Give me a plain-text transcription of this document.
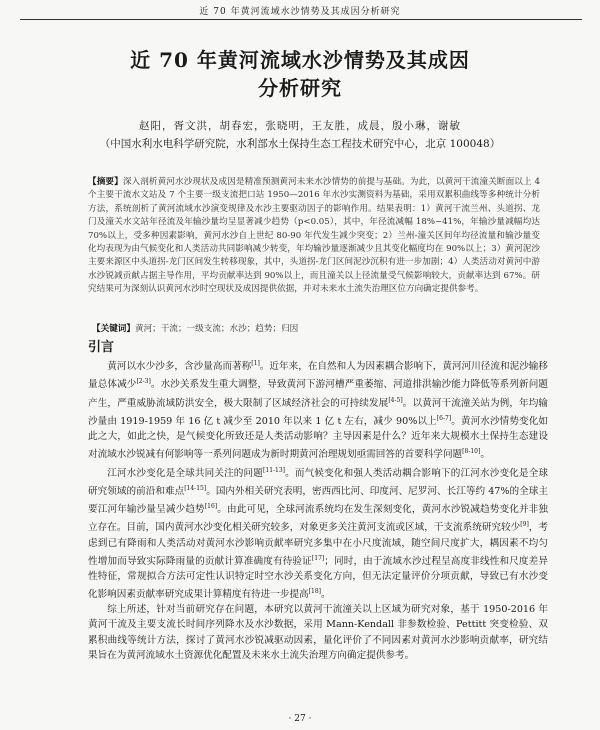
近 70 年黄河流域水沙情势及其成因分析研究
近 70 年黄河流域水沙情势及其成因
分析研究
赵阳，胥文洪，胡春宏，张晓明，王友胜，成晨，殷小琳，谢敏
（中国水利水电科学研究院，水利部水土保持生态工程技术研究中心，北京 100048）
【摘要】深入剖析黄河水沙现状及成因是精准预测黄河未来水沙情势的前提与基础。为此，以黄河干流潼关断面以上 4 个主要干流水文站及 7 个主要一级支流把口站 1950—2016 年水沙实测资料为基础，采用双累积曲线等多种统计分析方法，系统剖析了黄河流域水沙演变规律及水沙主要驱动因子的影响作用。结果表明：1）黄河干流兰州、头道拐、龙门及潼关水文站年径流及年输沙量均呈显著减少趋势（p<0.05），其中，年径流减幅 18%~41%，年输沙量减幅均达 70%以上，受多种因素影响，黄河水沙自上世纪 80-90 年代发生减少突变；2）兰州-潼关区间年均径流量和输沙量变化均表现为由气候变化和人类活动共同影响减少转变，年均输沙量逐渐减少且其变化幅度均在 90%以上；3）黄河泥沙主要来源区中头道拐-龙门区间发生转移现象，其中，头道拐-龙门区间泥沙沉积有进一步加剧；4）人类活动对黄河中游水沙锐减贡献占据主导作用，平均贡献率达到 90%以上，而且潼关以上径流量受气候影响较大，贡献率达到 67%。研究结果可为深刻认识黄河水沙时空现状及成因提供依据，并对未来水土流失治理区位方向确定提供参考。
【关键词】黄河；干流；一级支流；水沙；趋势；归因
引言

黄河以水少沙多，含沙量高而著称[1]。近年来，在自然和人为因素耦合影响下，黄河河川径流和泥沙输移量总体减少[2-3]。水沙关系发生重大调整，导致黄河下游河槽严重萎缩、河道排洪输沙能力降低等系列新问题产生，严重威胁流域防洪安全，极大限制了区域经济社会的可持续发展[4-5]。以黄河干流潼关站为例，年均输沙量由 1919-1959 年 16 亿 t 减少至 2010 年以来 1 亿 t 左右，减少 90%以上[6-7]。黄河水沙情势变化如此之大，如此之快，是气候变化所致还是人类活动影响？主导因素是什么？近年来大规模水土保持生态建设对流域水沙锐减有何影响等一系列问题成为新时期黄河治理规划亟需回答的首要科学问题[8-10]。

江河水沙变化是全球共同关注的问题[11-13]。而气候变化和强人类活动耦合影响下的江河水沙变化是全球研究领域的前沿和难点[14-15]。国内外相关研究表明，密西西比河、印度河、尼罗河、长江等约 47%的全球主要江河年输沙量呈减少趋势[16]。由此可见，全球河流系统均在发生深刻变化，黄河水沙锐减趋势变化并非独立存在。目前，国内黄河水沙变化相关研究较多，对象更多关注黄河支流或区域，干支流系统研究较少[9]，考虑到已有降雨和人类活动对黄河水沙影响贡献率研究多集中在小尺度流域，随空间尺度扩大，耦因素不均匀性增加而导致实际降雨量的贡献计算准确度有待验证[17]；同时，由于流域水沙过程呈高度非线性和尺度差异性特征，常规拟合方法可定性认识特定时空水沙关系变化方向，但无法定量评价分项贡献，导致已有水沙变化影响因素贡献率研究成果计算精度有待进一步提高[18]。

综上所述，针对当前研究存在问题，本研究以黄河干流潼关以上区域为研究对象，基于 1950-2016 年黄河干流及主要支流长时间序列降水及水沙数据，采用 Mann-Kendall 非参数检验、Pettitt 突变检验、双累积曲线等统计方法，探讨了黄河水沙锐减驱动因素，量化评价了不同因素对黄河水沙影响贡献率，研究结果旨在为黄河流域水土资源优化配置及未来水土流失治理方向确定提供参考。

· 27 ·
